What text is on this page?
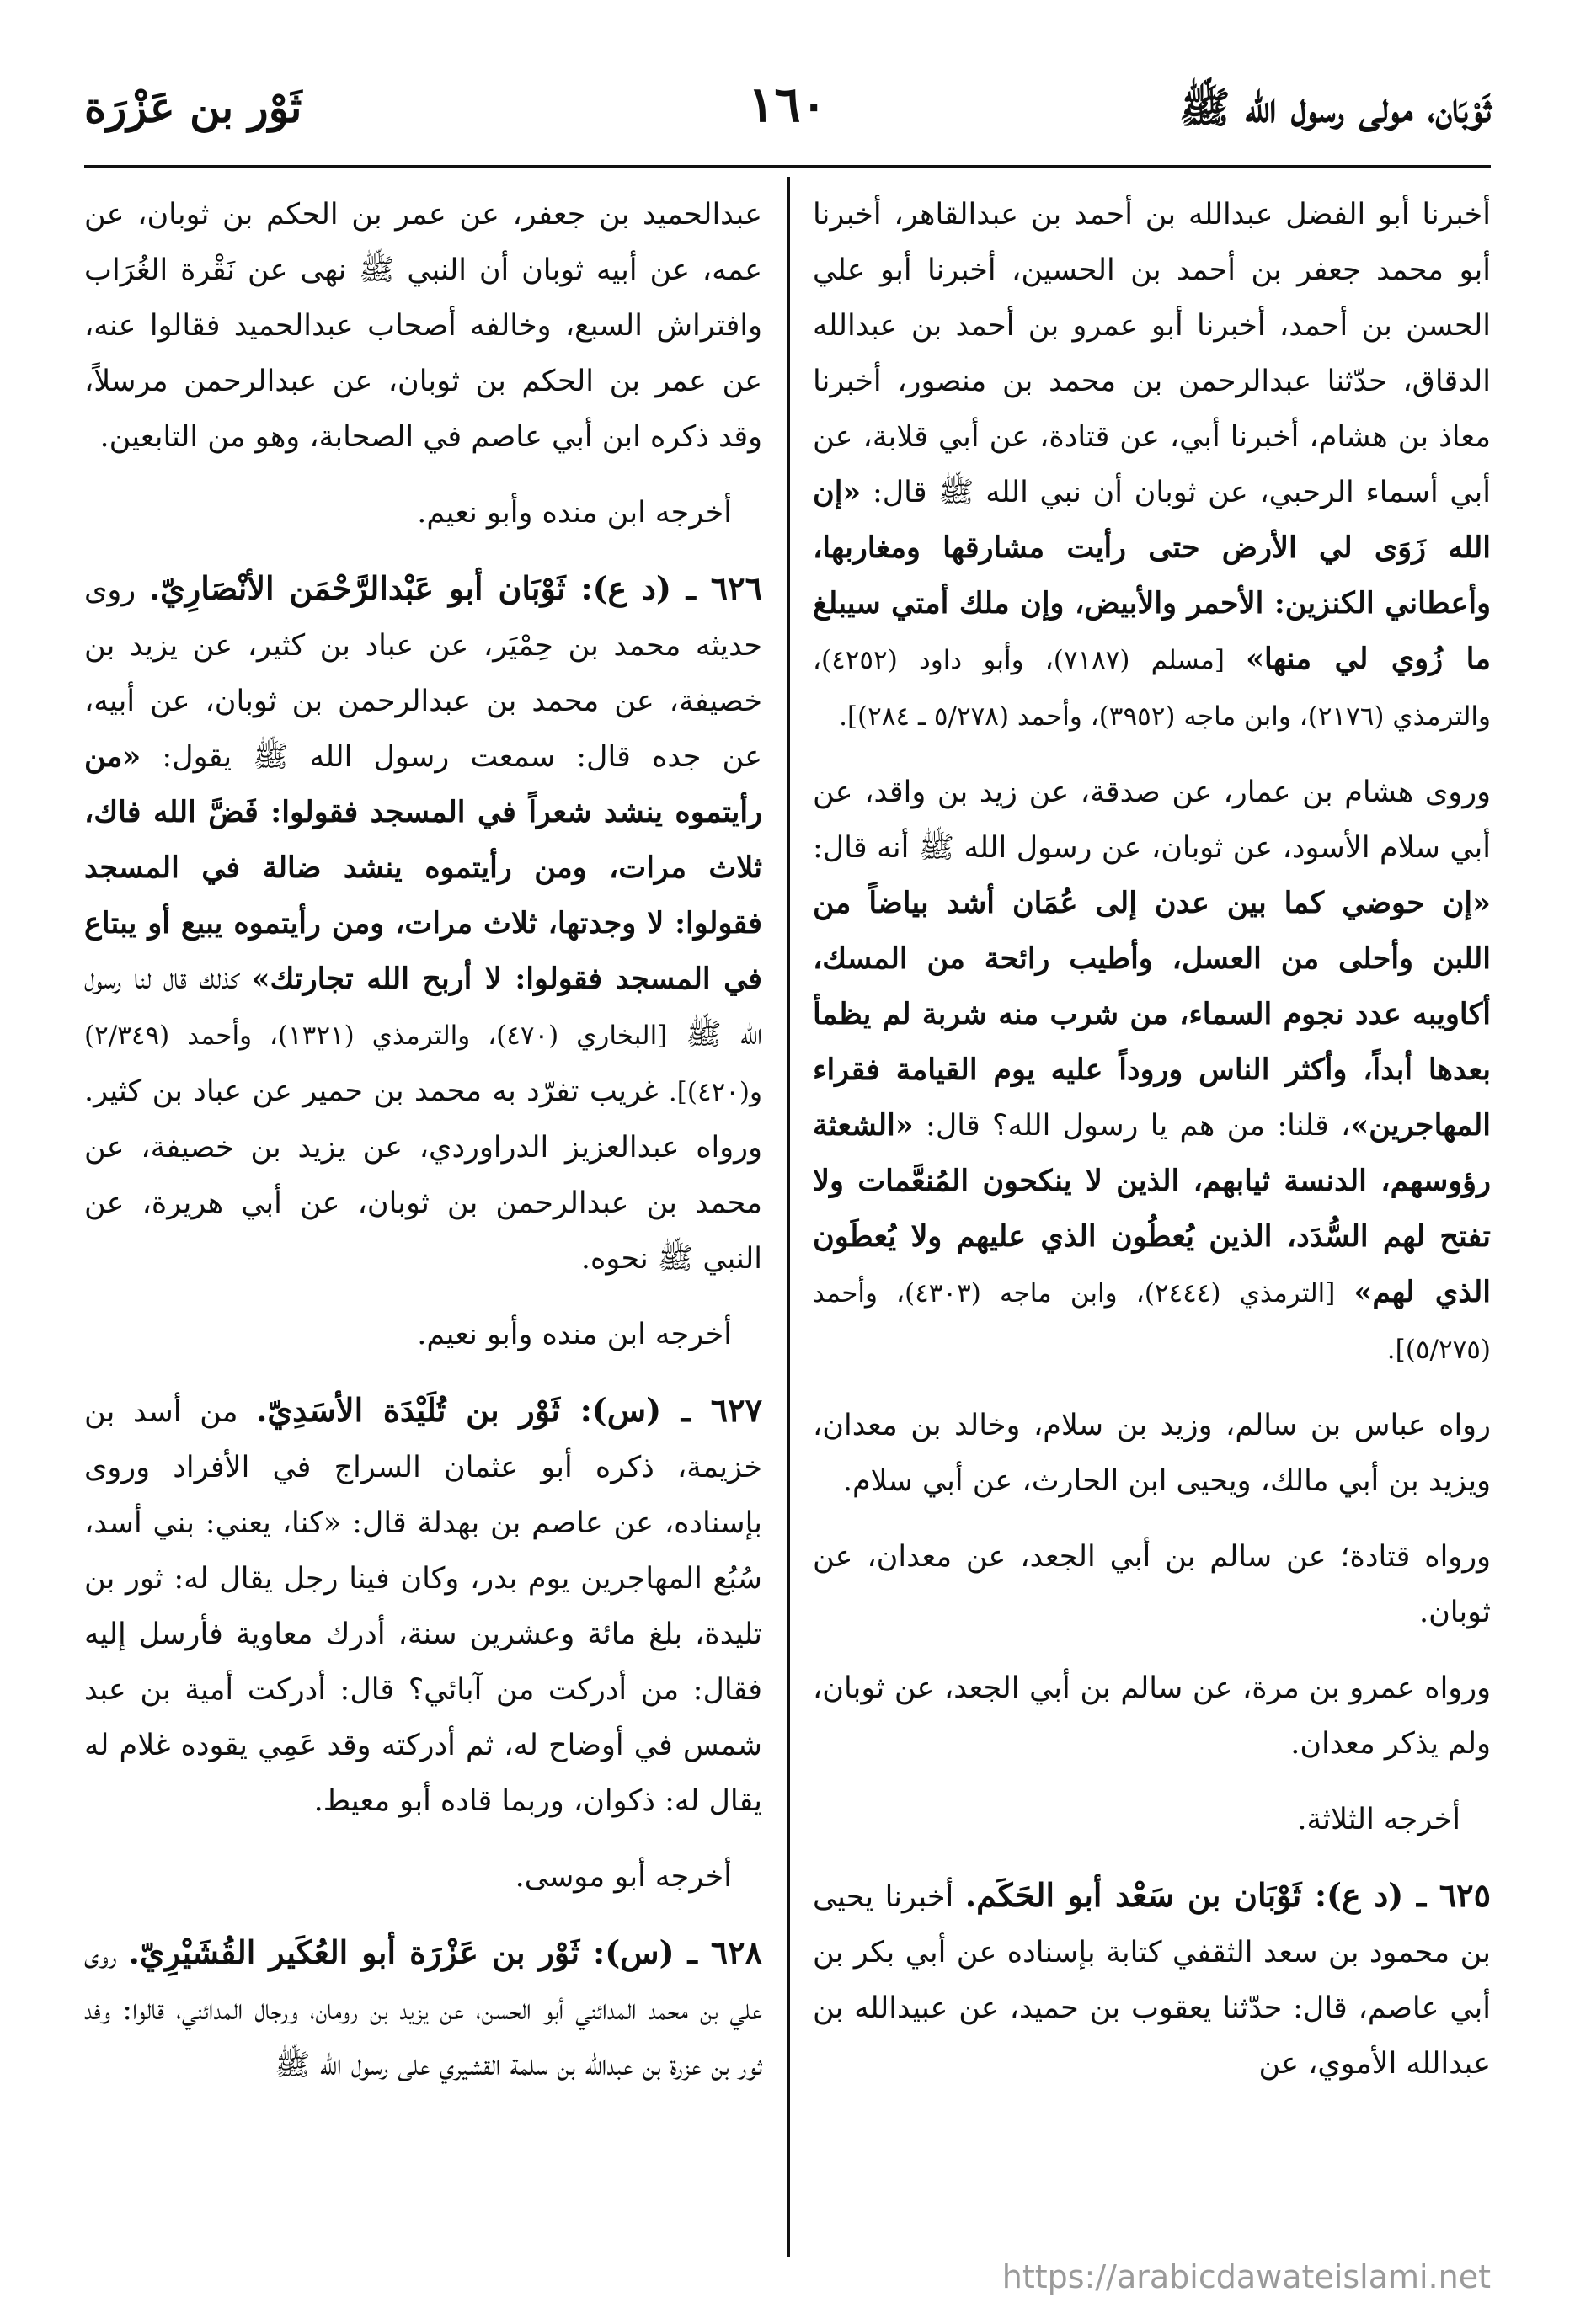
ثَوْبَان، مولى رسول الله ﷺ
١٦٠
ثَوْر بن عَزْرَة

أخبرنا أبو الفضل عبدالله بن أحمد بن عبدالقاهر، أخبرنا أبو محمد جعفر بن أحمد بن الحسين، أخبرنا أبو علي الحسن بن أحمد، أخبرنا أبو عمرو بن أحمد بن عبدالله الدقاق، حدّثنا عبدالرحمن بن محمد بن منصور، أخبرنا معاذ بن هشام، أخبرنا أبي، عن قتادة، عن أبي قلابة، عن أبي أسماء الرحبي، عن ثوبان أن نبي الله ﷺ قال: «إن الله زَوَى لي الأرض حتى رأيت مشارقها ومغاربها، وأعطاني الكنزين: الأحمر والأبيض، وإن ملك أمتي سيبلغ ما زُوي لي منها» [مسلم (٧١٨٧)، وأبو داود (٤٢٥٢)، والترمذي (٢١٧٦)، وابن ماجه (٣٩٥٢)، وأحمد (٥/٢٧٨ ـ ٢٨٤)].

وروى هشام بن عمار، عن صدقة، عن زيد بن واقد، عن أبي سلام الأسود، عن ثوبان، عن رسول الله ﷺ أنه قال: «إن حوضي كما بين عدن إلى عُمَان أشد بياضاً من اللبن وأحلى من العسل، وأطيب رائحة من المسك، أكاويبه عدد نجوم السماء، من شرب منه شربة لم يظمأ بعدها أبداً، وأكثر الناس وروداً عليه يوم القيامة فقراء المهاجرين»، قلنا: من هم يا رسول الله؟ قال: «الشعثة رؤوسهم، الدنسة ثيابهم، الذين لا ينكحون المُنعَّمات ولا تفتح لهم السُّدَد، الذين يُعطُون الذي عليهم ولا يُعطَون الذي لهم» [الترمذي (٢٤٤٤)، وابن ماجه (٤٣٠٣)، وأحمد (٥/٢٧٥)].

رواه عباس بن سالم، وزيد بن سلام، وخالد بن معدان، ويزيد بن أبي مالك، ويحيى ابن الحارث، عن أبي سلام.

ورواه قتادة؛ عن سالم بن أبي الجعد، عن معدان، عن ثوبان.

ورواه عمرو بن مرة، عن سالم بن أبي الجعد، عن ثوبان، ولم يذكر معدان.

أخرجه الثلاثة.

٦٢٥ ـ (د ع): ثَوْبَان بن سَعْد أبو الحَكَم. أخبرنا يحيى بن محمود بن سعد الثقفي كتابة بإسناده عن أبي بكر بن أبي عاصم، قال: حدّثنا يعقوب بن حميد، عن عبيدالله بن عبدالله الأموي، عن

عبدالحميد بن جعفر، عن عمر بن الحكم بن ثوبان، عن عمه، عن أبيه ثوبان أن النبي ﷺ نهى عن نَقْرة الغُرَاب وافتراش السبع، وخالفه أصحاب عبدالحميد فقالوا عنه، عن عمر بن الحكم بن ثوبان، عن عبدالرحمن مرسلاً، وقد ذكره ابن أبي عاصم في الصحابة، وهو من التابعين.

أخرجه ابن منده وأبو نعيم.

٦٢٦ ـ (د ع): ثَوْبَان أبو عَبْدالرَّحْمَن الأنْصَارِيّ. روى حديثه محمد بن حِمْيَر، عن عباد بن كثير، عن يزيد بن خصيفة، عن محمد بن عبدالرحمن بن ثوبان، عن أبيه، عن جده قال: سمعت رسول الله ﷺ يقول: «من رأيتموه ينشد شعراً في المسجد فقولوا: فَضَّ الله فاك، ثلاث مرات، ومن رأيتموه ينشد ضالة في المسجد فقولوا: لا وجدتها، ثلاث مرات، ومن رأيتموه يبيع أو يبتاع في المسجد فقولوا: لا أربح الله تجارتك» كذلك قال لنا رسول الله ﷺ [البخاري (٤٧٠)، والترمذي (١٣٢١)، وأحمد (٢/٣٤٩) و(٤٢٠)]. غريب تفرّد به محمد بن حمير عن عباد بن كثير. ورواه عبدالعزيز الدراوردي، عن يزيد بن خصيفة، عن محمد بن عبدالرحمن بن ثوبان، عن أبي هريرة، عن النبي ﷺ نحوه.

أخرجه ابن منده وأبو نعيم.

٦٢٧ ـ (س): ثَوْر بن تُلَيْدَة الأسَدِيّ. من أسد بن خزيمة، ذكره أبو عثمان السراج في الأفراد وروى بإسناده، عن عاصم بن بهدلة قال: «كنا، يعني: بني أسد، سُبُع المهاجرين يوم بدر، وكان فينا رجل يقال له: ثور بن تليدة، بلغ مائة وعشرين سنة، أدرك معاوية فأرسل إليه فقال: من أدركت من آبائي؟ قال: أدركت أمية بن عبد شمس في أوضاح له، ثم أدركته وقد عَمِي يقوده غلام له يقال له: ذكوان، وربما قاده أبو معيط.

أخرجه أبو موسى.

٦٢٨ ـ (س): ثَوْر بن عَزْرَة أبو العُكَير القُشَيْرِيّ. روى علي بن محمد المدائني أبو الحسن، عن يزيد بن رومان، ورجال المدائني، قالوا: وفد ثور بن عزرة بن عبدالله بن سلمة القشيري على رسول الله ﷺ

https://arabicdawateislami.net
